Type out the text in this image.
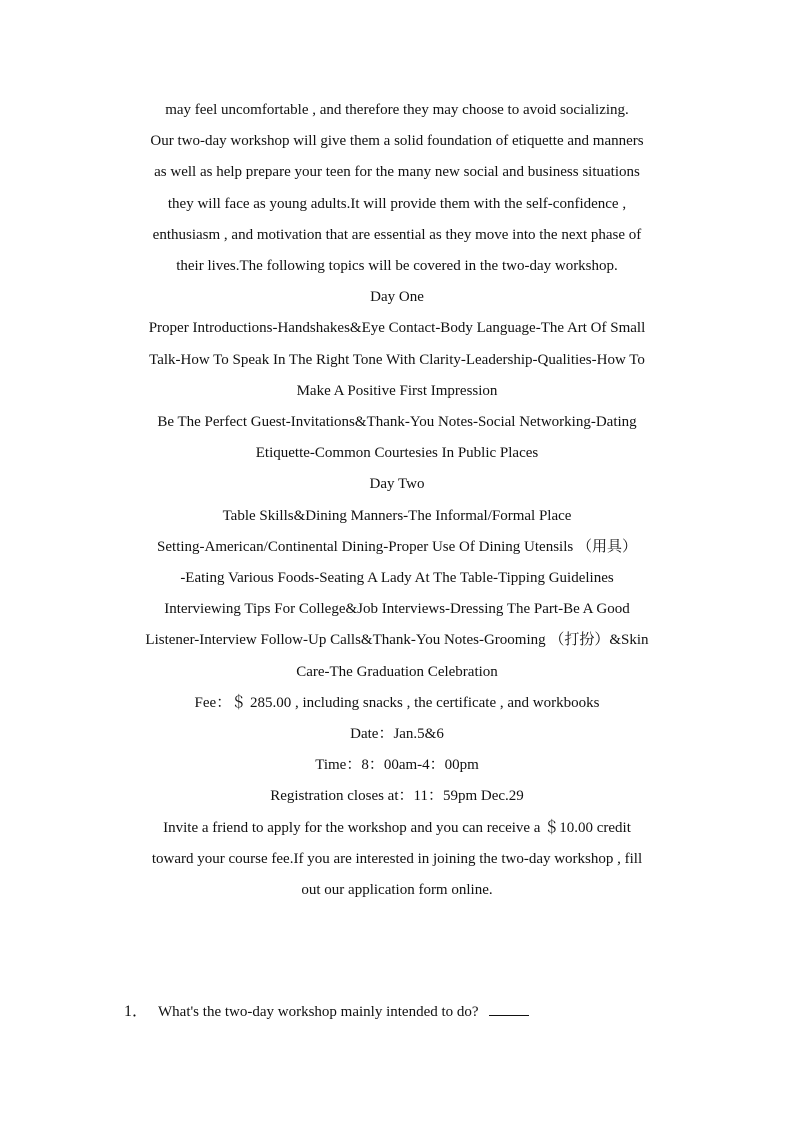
may feel uncomfortable , and therefore they may choose to avoid socializing.
Our two-day workshop will give them a solid foundation of etiquette and manners
as well as help prepare your teen for the many new social and business situations
they will face as young adults.It will provide them with the self-confidence ,
enthusiasm , and motivation that are essential as they move into the next phase of
their lives.The following topics will be covered in the two-day workshop.
Day One
Proper Introductions-Handshakes&Eye Contact-Body Language-The Art Of Small
Talk-How To Speak In The Right Tone With Clarity-Leadership-Qualities-How To
Make A Positive First Impression
Be The Perfect Guest-Invitations&Thank-You Notes-Social Networking-Dating
Etiquette-Common Courtesies In Public Places
Day Two
Table Skills&Dining Manners-The Informal/Formal Place
Setting-American/Continental Dining-Proper Use Of Dining Utensils （用具）
-Eating Various Foods-Seating A Lady At The Table-Tipping Guidelines
Interviewing Tips For College&Job Interviews-Dressing The Part-Be A Good
Listener-Interview Follow-Up Calls&Thank-You Notes-Grooming （打扮）&Skin
Care-The Graduation Celebration
Fee：＄ 285.00 , including snacks , the certificate , and workbooks
Date：Jan.5&6
Time：8：00am-4：00pm
Registration closes at：11：59pm Dec.29
Invite a friend to apply for the workshop and you can receive a ＄10.00 credit
toward your course fee.If you are interested in joining the two-day workshop , fill
out our application form online.
1． What's the two-day workshop mainly intended to do?
